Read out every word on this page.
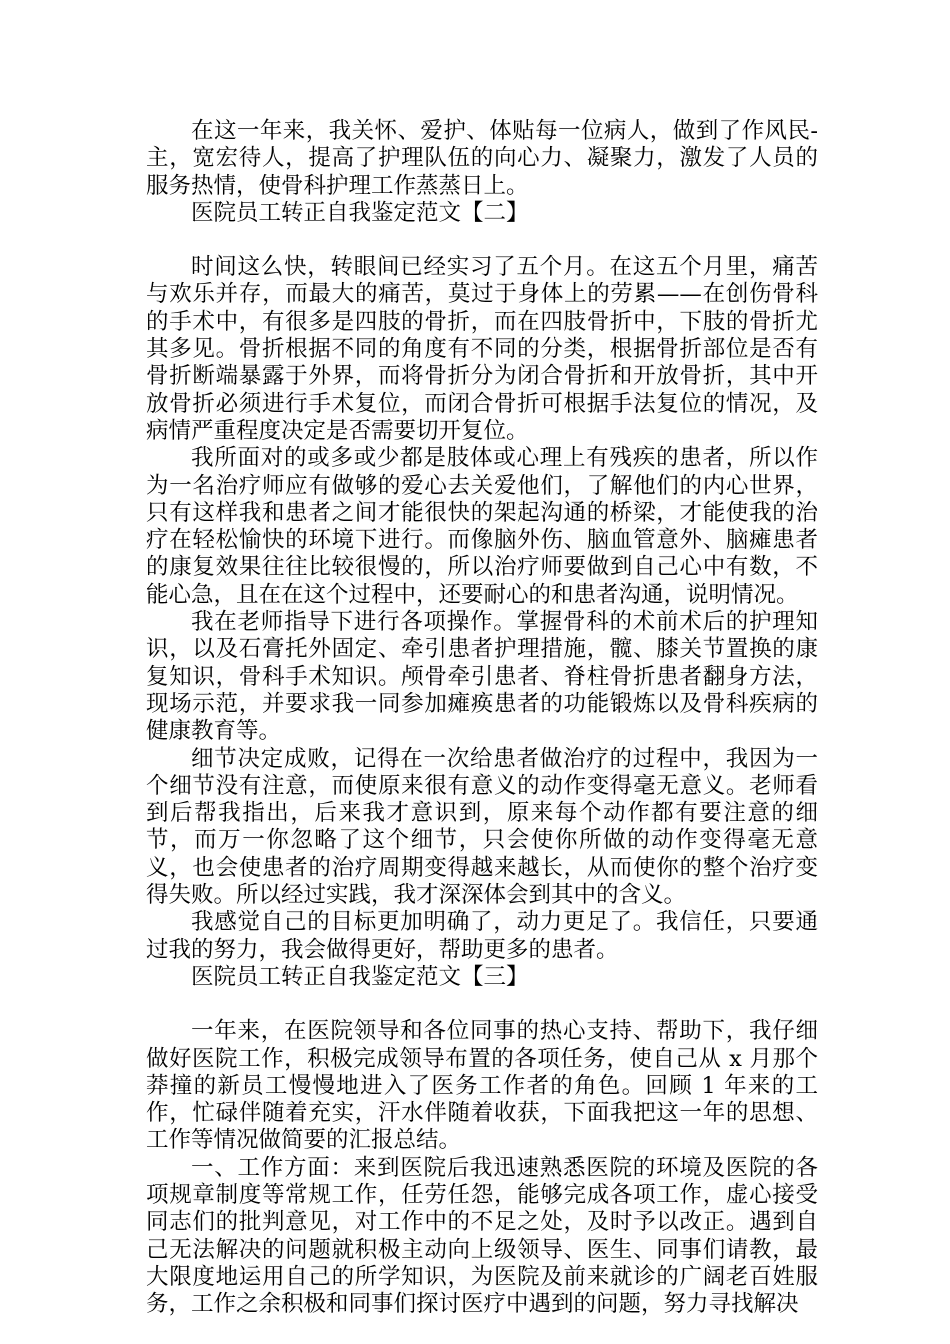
在这一年来，我关怀、爱护、体贴每一位病人，做到了作风民-主，宽宏待人，提高了护理队伍的向心力、凝聚力，激发了人员的服务热情，使骨科护理工作蒸蒸日上。

医院员工转正自我鉴定范文【二】

时间这么快，转眼间已经实习了五个月。在这五个月里，痛苦与欢乐并存，而最大的痛苦，莫过于身体上的劳累——在创伤骨科的手术中，有很多是四肢的骨折，而在四肢骨折中，下肢的骨折尤其多见。骨折根据不同的角度有不同的分类，根据骨折部位是否有骨折断端暴露于外界，而将骨折分为闭合骨折和开放骨折，其中开放骨折必须进行手术复位，而闭合骨折可根据手法复位的情况，及病情严重程度决定是否需要切开复位。

我所面对的或多或少都是肢体或心理上有残疾的患者，所以作为一名治疗师应有做够的爱心去关爱他们，了解他们的内心世界，只有这样我和患者之间才能很快的架起沟通的桥梁，才能使我的治疗在轻松愉快的环境下进行。而像脑外伤、脑血管意外、脑瘫患者的康复效果往往比较很慢的，所以治疗师要做到自己心中有数，不能心急，且在在这个过程中，还要耐心的和患者沟通，说明情况。

我在老师指导下进行各项操作。掌握骨科的术前术后的护理知识，以及石膏托外固定、牵引患者护理措施，髋、膝关节置换的康复知识，骨科手术知识。颅骨牵引患者、脊柱骨折患者翻身方法，现场示范，并要求我一同参加瘫痪患者的功能锻炼以及骨科疾病的健康教育等。

细节决定成败，记得在一次给患者做治疗的过程中，我因为一个细节没有注意，而使原来很有意义的动作变得毫无意义。老师看到后帮我指出，后来我才意识到，原来每个动作都有要注意的细节，而万一你忽略了这个细节，只会使你所做的动作变得毫无意义，也会使患者的治疗周期变得越来越长，从而使你的整个治疗变得失败。所以经过实践，我才深深体会到其中的含义。

我感觉自己的目标更加明确了，动力更足了。我信任，只要通过我的努力，我会做得更好，帮助更多的患者。

医院员工转正自我鉴定范文【三】

一年来，在医院领导和各位同事的热心支持、帮助下，我仔细做好医院工作，积极完成领导布置的各项任务，使自己从 x 月那个莽撞的新员工慢慢地进入了医务工作者的角色。回顾 1 年来的工作，忙碌伴随着充实，汗水伴随着收获，下面我把这一年的思想、工作等情况做简要的汇报总结。

一、工作方面：来到医院后我迅速熟悉医院的环境及医院的各项规章制度等常规工作，任劳任怨，能够完成各项工作，虚心接受同志们的批判意见，对工作中的不足之处，及时予以改正。遇到自己无法解决的问题就积极主动向上级领导、医生、同事们请教，最大限度地运用自己的所学知识，为医院及前来就诊的广阔老百姓服务，工作之余积极和同事们探讨医疗中遇到的问题，努力寻找解决
